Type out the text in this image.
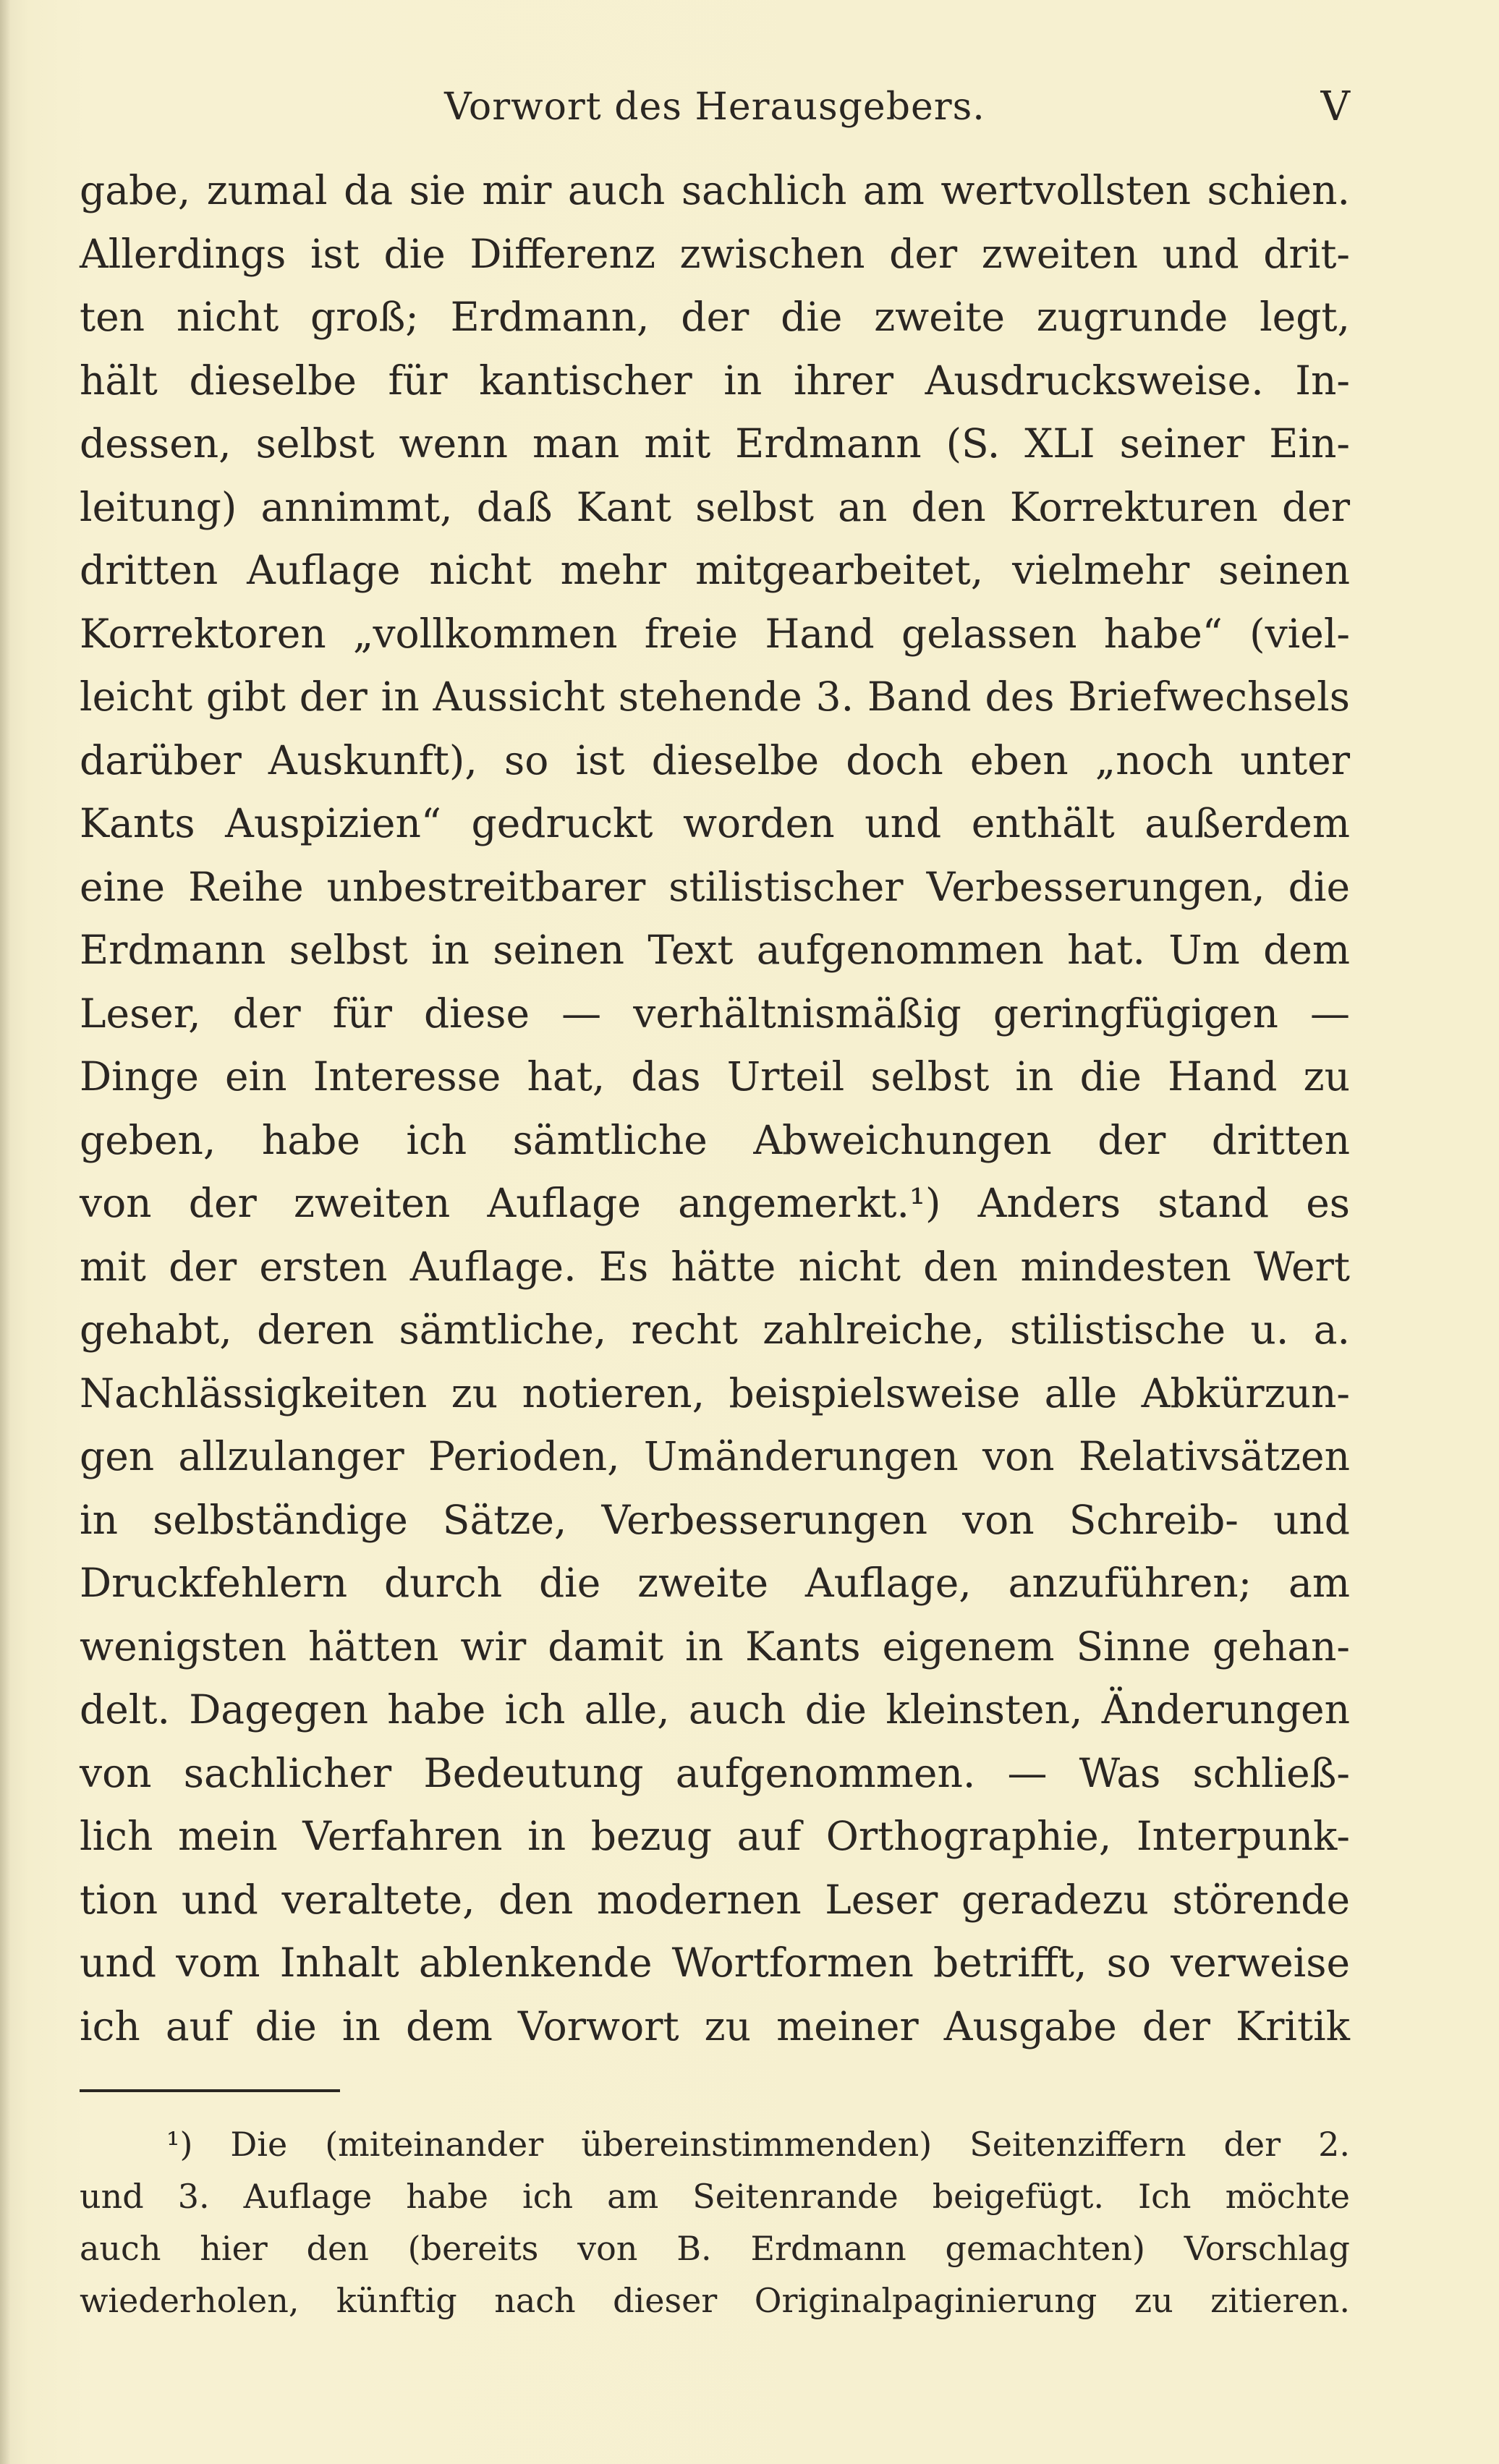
Vorwort des Herausgebers.	V
gabe, zumal da sie mir auch sachlich am wertvollsten schien.
Allerdings ist die Differenz zwischen der zweiten und drit-
ten nicht groß; Erdmann, der die zweite zugrunde legt,
hält dieselbe für kantischer in ihrer Ausdrucksweise. In-
dessen, selbst wenn man mit Erdmann (S. XLI seiner Ein-
leitung) annimmt, daß Kant selbst an den Korrekturen der
dritten Auflage nicht mehr mitgearbeitet, vielmehr seinen
Korrektoren „vollkommen freie Hand gelassen habe“ (viel-
leicht gibt der in Aussicht stehende 3. Band des Briefwechsels
darüber Auskunft), so ist dieselbe doch eben „noch unter
Kants Auspizien“ gedruckt worden und enthält außerdem
eine Reihe unbestreitbarer stilistischer Verbesserungen, die
Erdmann selbst in seinen Text aufgenommen hat. Um dem
Leser, der für diese — verhältnismäßig geringfügigen —
Dinge ein Interesse hat, das Urteil selbst in die Hand zu
geben, habe ich sämtliche Abweichungen der dritten
von der zweiten Auflage angemerkt.¹) Anders stand es
mit der ersten Auflage. Es hätte nicht den mindesten Wert
gehabt, deren sämtliche, recht zahlreiche, stilistische u. a.
Nachlässigkeiten zu notieren, beispielsweise alle Abkürzun-
gen allzulanger Perioden, Umänderungen von Relativsätzen
in selbständige Sätze, Verbesserungen von Schreib- und
Druckfehlern durch die zweite Auflage, anzuführen; am
wenigsten hätten wir damit in Kants eigenem Sinne gehan-
delt. Dagegen habe ich alle, auch die kleinsten, Änderungen
von sachlicher Bedeutung aufgenommen. — Was schließ-
lich mein Verfahren in bezug auf Orthographie, Interpunk-
tion und veraltete, den modernen Leser geradezu störende
und vom Inhalt ablenkende Wortformen betrifft, so verweise
ich auf die in dem Vorwort zu meiner Ausgabe der Kritik
¹) Die (miteinander übereinstimmenden) Seitenziffern der 2.
und 3. Auflage habe ich am Seitenrande beigefügt. Ich möchte
auch hier den (bereits von B. Erdmann gemachten) Vorschlag
wiederholen, künftig nach dieser Originalpaginierung zu zitieren.
